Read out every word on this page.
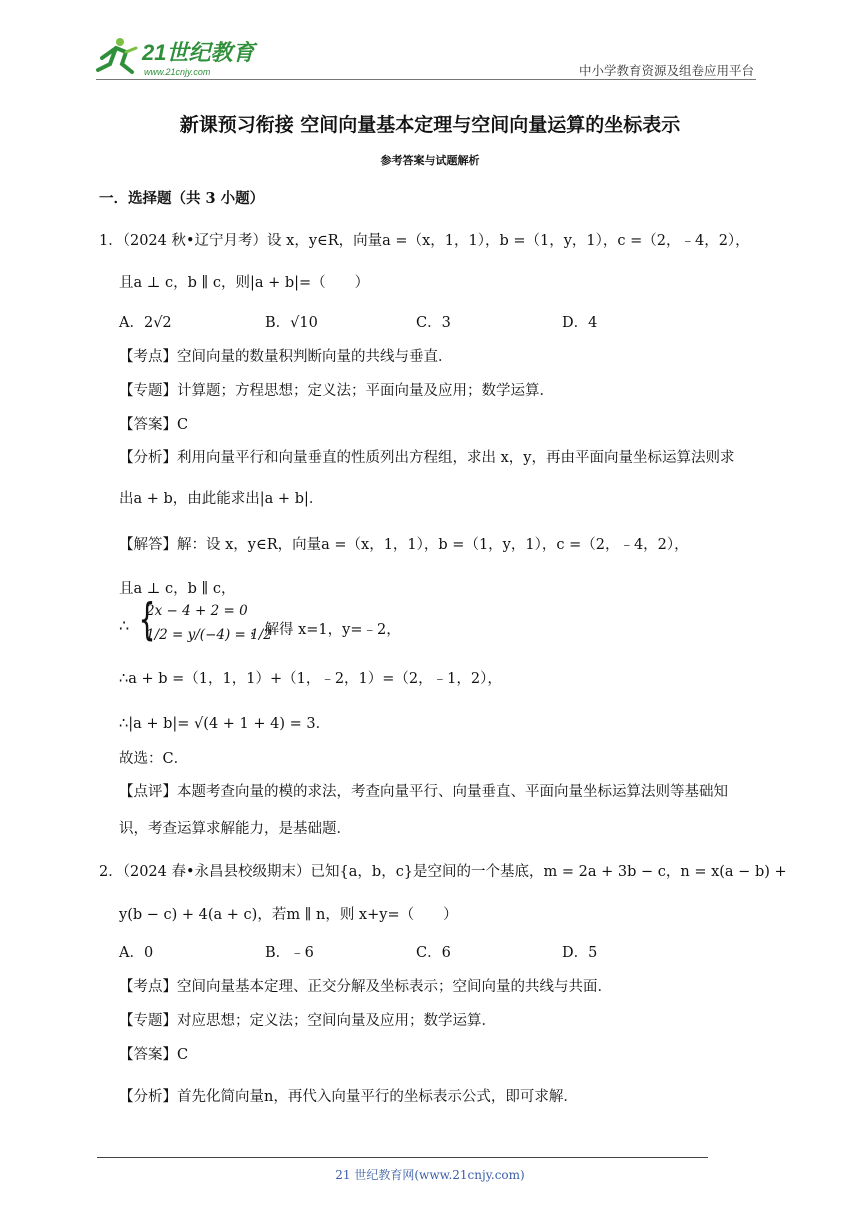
21世纪教育
www.21cnjy.com	中小学教育资源及组卷应用平台
新课预习衔接 空间向量基本定理与空间向量运算的坐标表示
参考答案与试题解析
一．选择题（共 3 小题）
1．（2024 秋•辽宁月考）设 x，y∈R，向量a =（x，1，1），b =（1，y，1），c =（2，﹣4，2），
且a ⊥ c，b ∥ c，则|a + b|=（　　）
A．2√2	B．√10	C．3	D．4
【考点】空间向量的数量积判断向量的共线与垂直．
【专题】计算题；方程思想；定义法；平面向量及应用；数学运算．
【答案】C
【分析】利用向量平行和向量垂直的性质列出方程组，求出 x，y，再由平面向量坐标运算法则求
出a + b，由此能求出|a + b|．
【解答】解：设 x，y∈R，向量a =（x，1，1），b =（1，y，1），c =（2，﹣4，2），
且a ⊥ c，b ∥ c，
∴ {
2x − 4 + 2 = 0
1/2 = y/(−4) = 1/2
，解得 x=1，y=﹣2，
∴a + b =（1，1，1）+（1，﹣2，1）=（2，﹣1，2），
∴|a + b|= √(4 + 1 + 4) = 3．
故选：C．
【点评】本题考查向量的模的求法，考查向量平行、向量垂直、平面向量坐标运算法则等基础知
识，考查运算求解能力，是基础题．
2．（2024 春•永昌县校级期末）已知{a，b，c}是空间的一个基底，m = 2a + 3b − c，n = x(a − b) +
y(b − c) + 4(a + c)，若m ∥ n，则 x+y=（　　）
A．0	B．﹣6	C．6	D．5
【考点】空间向量基本定理、正交分解及坐标表示；空间向量的共线与共面．
【专题】对应思想；定义法；空间向量及应用；数学运算．
【答案】C
【分析】首先化简向量n，再代入向量平行的坐标表示公式，即可求解．
21 世纪教育网(www.21cnjy.com)
